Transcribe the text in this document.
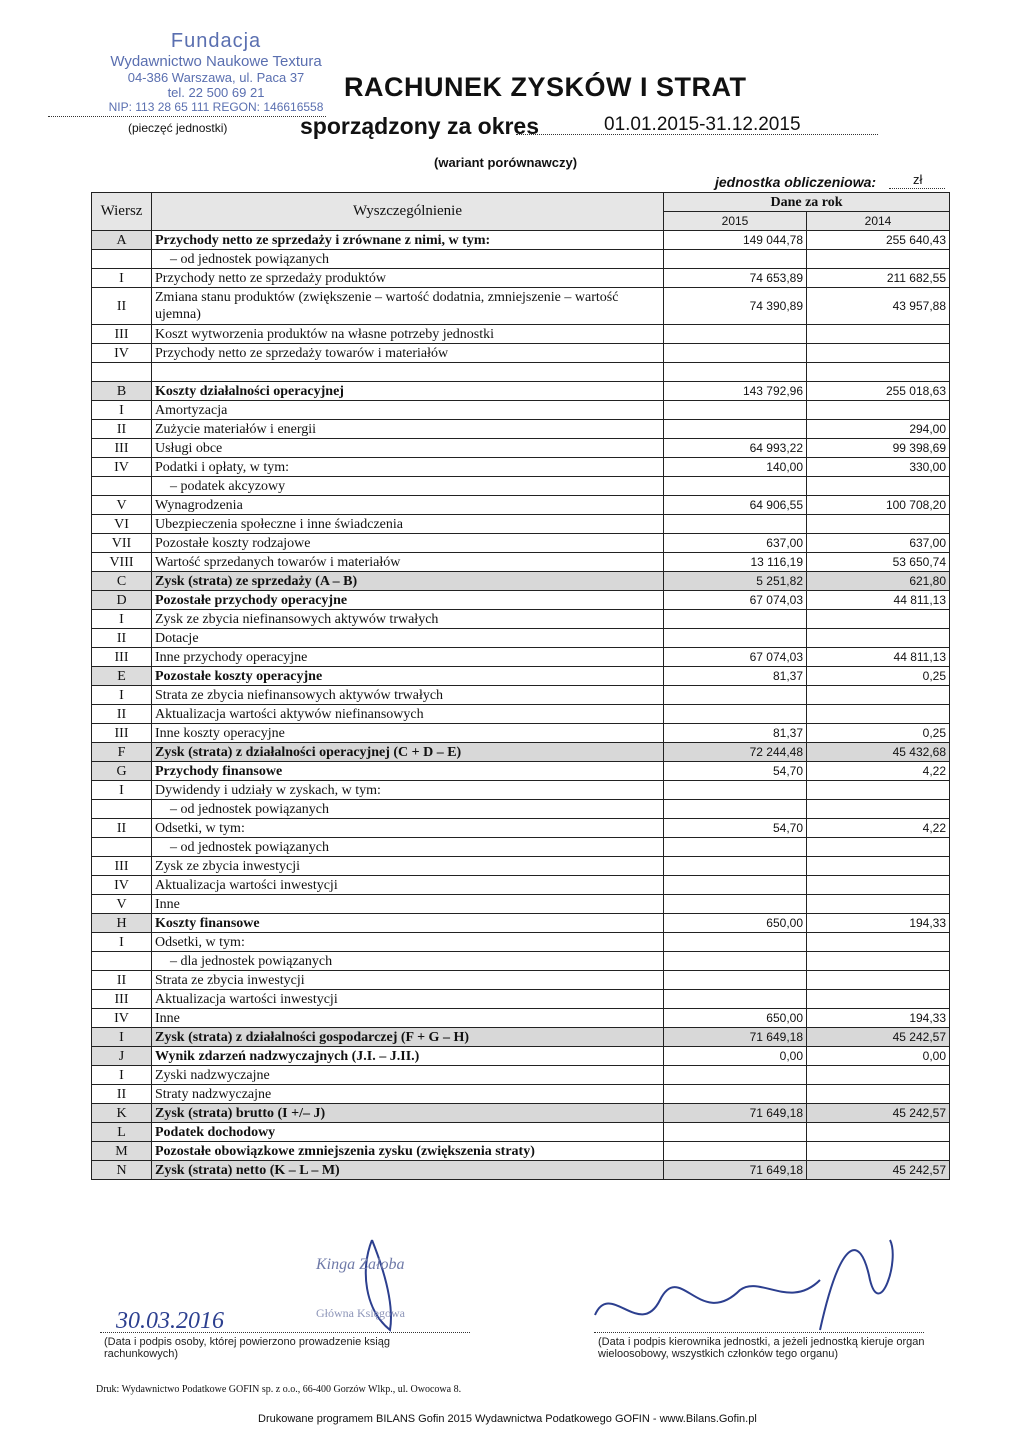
Fundacja
Wydawnictwo Naukowe Textura
04-386 Warszawa, ul. Paca 37
tel. 22 500 69 21
NIP: 113 28 65 111 REGON: 146616558
(pieczęć jednostki)
RACHUNEK ZYSKÓW I STRAT
sporządzony za okres	01.01.2015-31.12.2015
(wariant porównawczy)
jednostka obliczeniowa:	zł
Wiersz	Wyszczególnienie	Dane za rok	
		2015	2014
A	Przychody netto ze sprzedaży i zrównane z nimi, w tym:	149 044,78	255 640,43
	– od jednostek powiązanych		
I	Przychody netto ze sprzedaży produktów	74 653,89	211 682,55
II	Zmiana stanu produktów (zwiększenie – wartość dodatnia, zmniejszenie – wartość ujemna)	74 390,89	43 957,88
III	Koszt wytworzenia produktów na własne potrzeby jednostki		
IV	Przychody netto ze sprzedaży towarów i materiałów		

B	Koszty działalności operacyjnej	143 792,96	255 018,63
I	Amortyzacja		
II	Zużycie materiałów i energii		294,00
III	Usługi obce	64 993,22	99 398,69
IV	Podatki i opłaty, w tym:	140,00	330,00
	– podatek akcyzowy		
V	Wynagrodzenia	64 906,55	100 708,20
VI	Ubezpieczenia społeczne i inne świadczenia		
VII	Pozostałe koszty rodzajowe	637,00	637,00
VIII	Wartość sprzedanych towarów i materiałów	13 116,19	53 650,74
C	Zysk (strata) ze sprzedaży (A – B)	5 251,82	621,80
D	Pozostałe przychody operacyjne	67 074,03	44 811,13
I	Zysk ze zbycia niefinansowych aktywów trwałych		
II	Dotacje		
III	Inne przychody operacyjne	67 074,03	44 811,13
E	Pozostałe koszty operacyjne	81,37	0,25
I	Strata ze zbycia niefinansowych aktywów trwałych		
II	Aktualizacja wartości aktywów niefinansowych		
III	Inne koszty operacyjne	81,37	0,25
F	Zysk (strata) z działalności operacyjnej (C + D – E)	72 244,48	45 432,68
G	Przychody finansowe	54,70	4,22
I	Dywidendy i udziały w zyskach, w tym:		
	– od jednostek powiązanych		
II	Odsetki, w tym:	54,70	4,22
	– od jednostek powiązanych		
III	Zysk ze zbycia inwestycji		
IV	Aktualizacja wartości inwestycji		
V	Inne		
H	Koszty finansowe	650,00	194,33
I	Odsetki, w tym:		
	– dla jednostek powiązanych		
II	Strata ze zbycia inwestycji		
III	Aktualizacja wartości inwestycji		
IV	Inne	650,00	194,33
I	Zysk (strata) z działalności gospodarczej (F + G – H)	71 649,18	45 242,57
J	Wynik zdarzeń nadzwyczajnych (J.I. – J.II.)	0,00	0,00
I	Zyski nadzwyczajne		
II	Straty nadzwyczajne		
K	Zysk (strata) brutto (I +/– J)	71 649,18	45 242,57
L	Podatek dochodowy		
M	Pozostałe obowiązkowe zmniejszenia zysku (zwiększenia straty)		
N	Zysk (strata) netto (K – L – M)	71 649,18	45 242,57
Kinga Załoba
Główna Księgowa
30.03.2016
(Data i podpis osoby, której powierzono prowadzenie ksiąg rachunkowych)
(Data i podpis kierownika jednostki, a jeżeli jednostką kieruje organ wieloosobowy, wszystkich członków tego organu)
Druk: Wydawnictwo Podatkowe GOFIN sp. z o.o., 66-400 Gorzów Wlkp., ul. Owocowa 8.
Drukowane programem BILANS Gofin 2015 Wydawnictwa Podatkowego GOFIN - www.Bilans.Gofin.pl
